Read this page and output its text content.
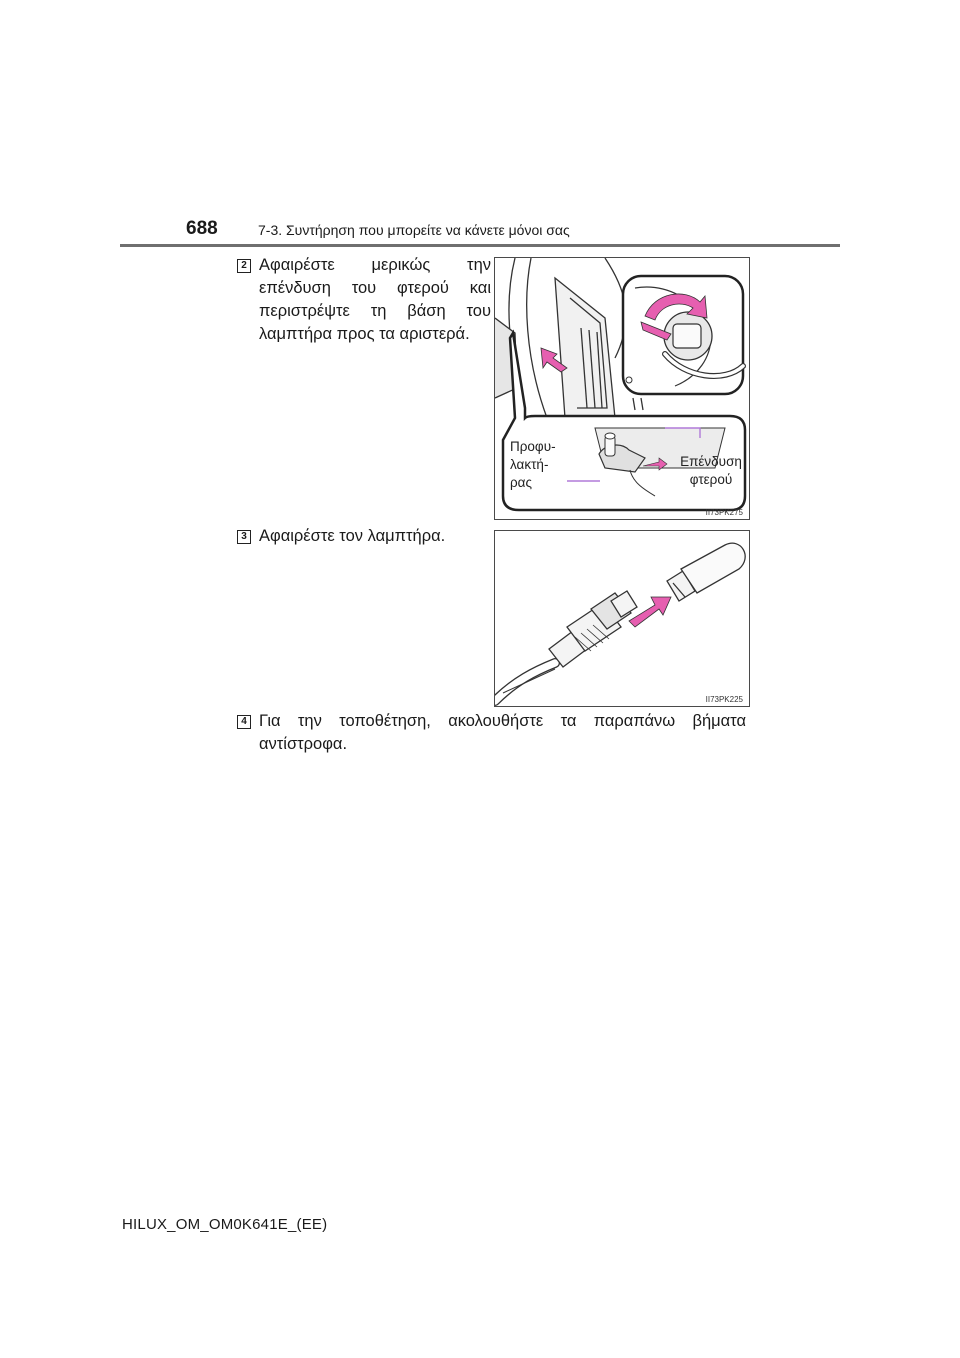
688	7-3. Συντήρηση που μπορείτε να κάνετε μόνοι σας
2 Αφαιρέστε μερικώς την επένδυση του φτερού και περιστρέψτε τη βάση του λαμπτήρα προς τα αριστερά.
Προφυ-
λακτή-
ρας
Επένδυση
φτερού
II73PK275
3 Αφαιρέστε τον λαμπτήρα.
II73PK225
4 Για την τοποθέτηση, ακολουθήστε τα παραπάνω βήματα αντίστροφα.
HILUX_OM_OM0K641E_(EE)
